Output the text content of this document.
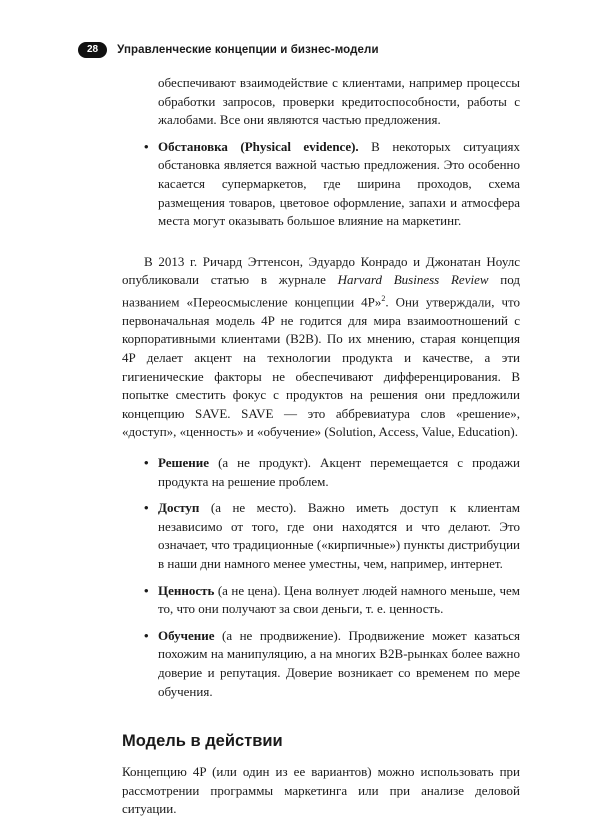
28	Управленческие концепции и бизнес-модели

обеспечивают взаимодействие с клиентами, например процессы обработки запросов, проверки кредитоспособности, работы с жалобами. Все они являются частью предложения.

• Обстановка (Physical evidence). В некоторых ситуациях обстановка является важной частью предложения. Это особенно касается супермаркетов, где ширина проходов, схема размещения товаров, цветовое оформление, запахи и атмосфера места могут оказывать большое влияние на маркетинг.

В 2013 г. Ричард Эттенсон, Эдуардо Конрадо и Джонатан Ноулс опубликовали статью в журнале Harvard Business Review под названием «Переосмысление концепции 4P»$^2$. Они утверждали, что первоначальная модель 4P не годится для мира взаимоотношений с корпоративными клиентами (B2B). По их мнению, старая концепция 4P делает акцент на технологии продукта и качестве, а эти гигиенические факторы не обеспечивают дифференцирования. В попытке сместить фокус с продуктов на решения они предложили концепцию SAVE. SAVE — это аббревиатура слов «решение», «доступ», «ценность» и «обучение» (Solution, Access, Value, Education).

• Решение (а не продукт). Акцент перемещается с продажи продукта на решение проблем.

• Доступ (а не место). Важно иметь доступ к клиентам независимо от того, где они находятся и что делают. Это означает, что традиционные («кирпичные») пункты дистрибуции в наши дни намного менее уместны, чем, например, интернет.

• Ценность (а не цена). Цена волнует людей намного меньше, чем то, что они получают за свои деньги, т. е. ценность.

• Обучение (а не продвижение). Продвижение может казаться похожим на манипуляцию, а на многих B2B-рынках более важно доверие и репутация. Доверие возникает со временем по мере обучения.

Модель в действии

Концепцию 4P (или один из ее вариантов) можно использовать при рассмотрении программы маркетинга или при анализе деловой ситуации.
